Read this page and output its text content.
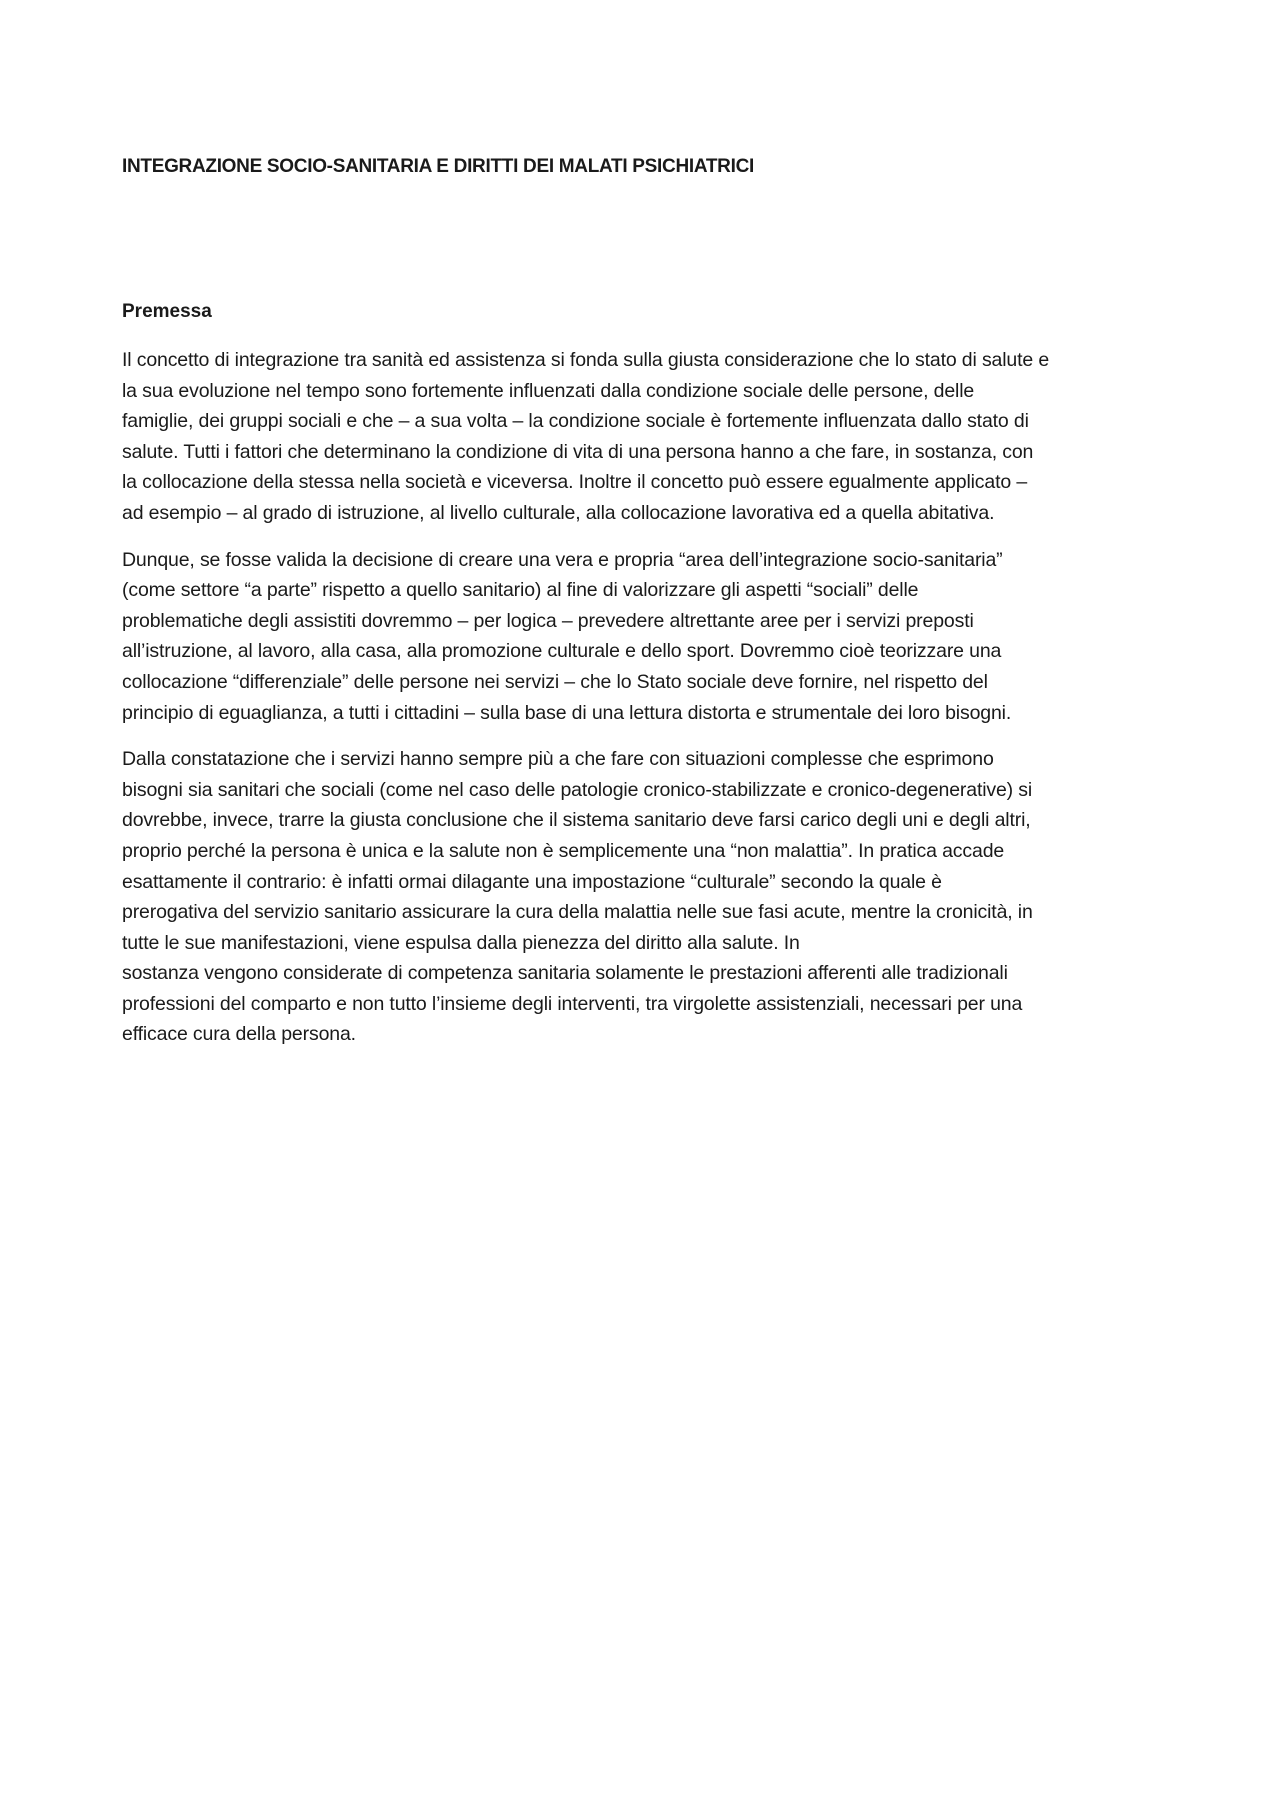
INTEGRAZIONE SOCIO-SANITARIA E DIRITTI DEI MALATI PSICHIATRICI
Premessa

Il concetto di integrazione tra sanità ed assistenza si fonda sulla giusta considerazione che lo stato di salute e
la sua evoluzione nel tempo sono fortemente influenzati dalla condizione sociale delle persone, delle
famiglie, dei gruppi sociali e che – a sua volta – la condizione sociale è fortemente influenzata dallo stato di
salute. Tutti i fattori che determinano la condizione di vita di una persona hanno a che fare, in sostanza, con
la collocazione della stessa nella società e viceversa. Inoltre il concetto può essere egualmente applicato –
ad esempio – al grado di istruzione, al livello culturale, alla collocazione lavorativa ed a quella abitativa.

Dunque, se fosse valida la decisione di creare una vera e propria “area dell’integrazione socio-sanitaria”
(come settore “a parte” rispetto a quello sanitario) al fine di valorizzare gli aspetti “sociali” delle
problematiche degli assistiti dovremmo – per logica – prevedere altrettante aree per i servizi preposti
all’istruzione, al lavoro, alla casa, alla promozione culturale e dello sport. Dovremmo cioè teorizzare una
collocazione “differenziale” delle persone nei servizi – che lo Stato sociale deve fornire, nel rispetto del
principio di eguaglianza, a tutti i cittadini – sulla base di una lettura distorta e strumentale dei loro bisogni.

Dalla constatazione che i servizi hanno sempre più a che fare con situazioni complesse che esprimono
bisogni sia sanitari che sociali (come nel caso delle patologie cronico-stabilizzate e cronico-degenerative) si
dovrebbe, invece, trarre la giusta conclusione che il sistema sanitario deve farsi carico degli uni e degli altri,
proprio perché la persona è unica e la salute non è semplicemente una “non malattia”. In pratica accade
esattamente il contrario: è infatti ormai dilagante una impostazione “culturale” secondo la quale è
prerogativa del servizio sanitario assicurare la cura della malattia nelle sue fasi acute, mentre la cronicità, in
tutte le sue manifestazioni, viene espulsa dalla pienezza del diritto alla salute. In
sostanza vengono considerate di competenza sanitaria solamente le prestazioni afferenti alle tradizionali
professioni del comparto e non tutto l’insieme degli interventi, tra virgolette assistenziali, necessari per una
efficace cura della persona.
